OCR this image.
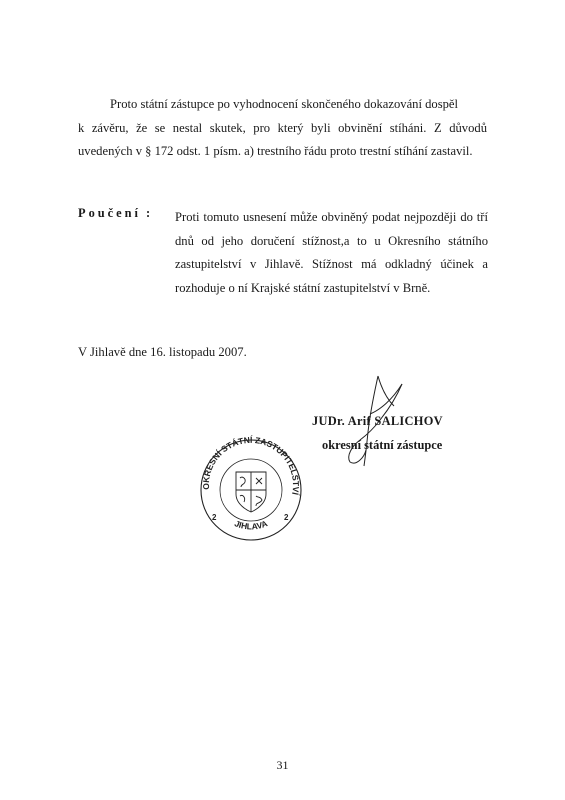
Proto státní zástupce po vyhodnocení skončeného dokazování dospěl
k závěru, že se nestal skutek, pro který byli obvinění stíháni. Z důvodů uvedených v § 172 odst. 1 písm. a) trestního řádu proto trestní stíhání zastavil.
Poučení : Proti tomuto usnesení může obviněný podat nejpozději do tří dnů od jeho doručení stížnost,a to u Okresního státního zastupitelství v Jihlavě. Stížnost má odkladný účinek a rozhoduje o ní Krajské státní zastupitelství v Brně.
V Jihlavě dne 16. listopadu 2007.
JUDr. Arif SALICHOV
okresní státní zástupce
OKRESNÍ STÁTNÍ ZASTUPITELSTVÍ
JIHLAVA
2	2
31
